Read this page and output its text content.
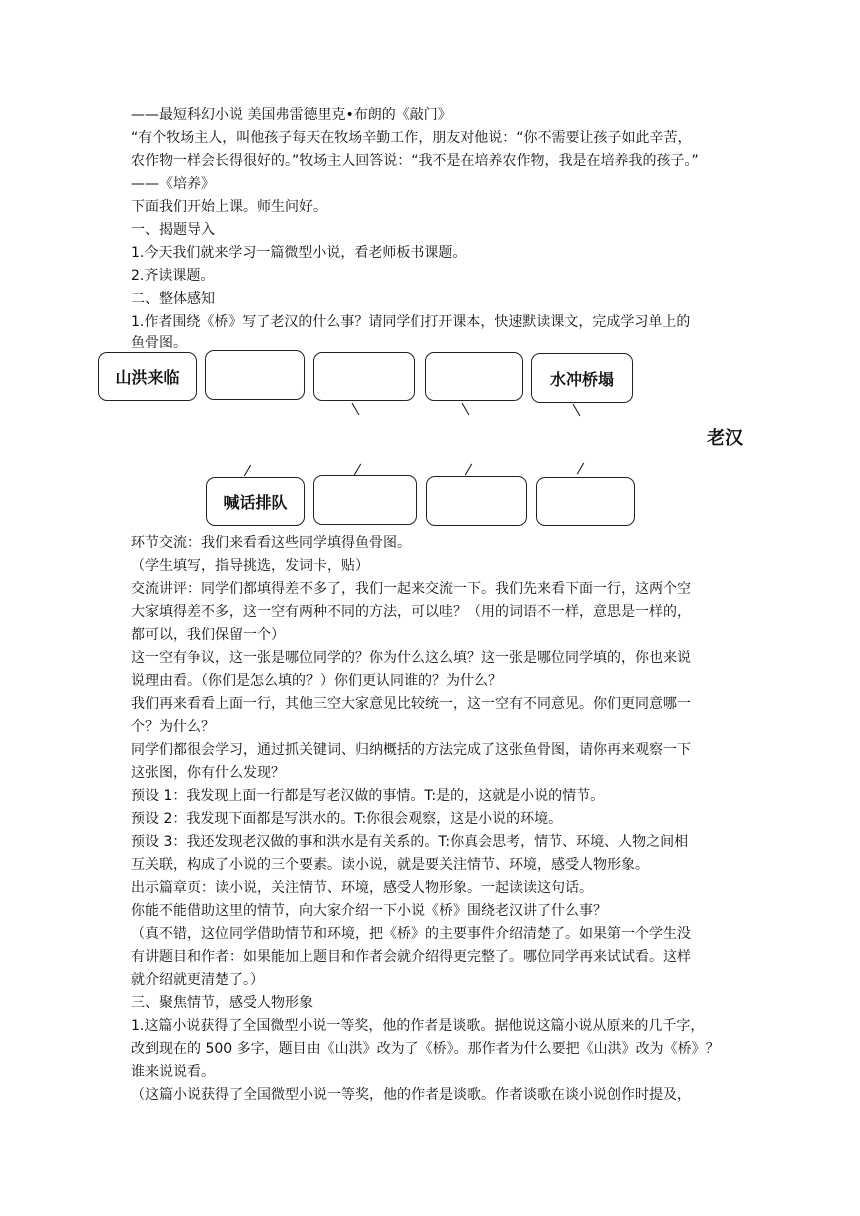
——最短科幻小说 美国弗雷德里克•布朗的《敲门》
“有个牧场主人，叫他孩子每天在牧场辛勤工作，朋友对他说：“你不需要让孩子如此辛苦，
农作物一样会长得很好的。”牧场主人回答说：“我不是在培养农作物，我是在培养我的孩子。”
——《培养》
下面我们开始上课。师生问好。
一、揭题导入
1.今天我们就来学习一篇微型小说，看老师板书课题。
2.齐读课题。
二、整体感知
1.作者围绕《桥》写了老汉的什么事？请同学们打开课本，快速默读课文，完成学习单上的
鱼骨图。
山洪来临	水冲桥塌
老汉
喊话排队
环节交流：我们来看看这些同学填得鱼骨图。
（学生填写，指导挑选，发词卡，贴）
交流讲评：同学们都填得差不多了，我们一起来交流一下。我们先来看下面一行，这两个空
大家填得差不多，这一空有两种不同的方法，可以哇？（用的词语不一样，意思是一样的，
都可以，我们保留一个）
这一空有争议，这一张是哪位同学的？你为什么这么填？这一张是哪位同学填的，你也来说
说理由看。（你们是怎么填的？）你们更认同谁的？为什么？
我们再来看看上面一行，其他三空大家意见比较统一，这一空有不同意见。你们更同意哪一
个？为什么？
同学们都很会学习，通过抓关键词、归纳概括的方法完成了这张鱼骨图，请你再来观察一下
这张图，你有什么发现？
预设 1：我发现上面一行都是写老汉做的事情。T:是的，这就是小说的情节。
预设 2：我发现下面都是写洪水的。T:你很会观察，这是小说的环境。
预设 3：我还发现老汉做的事和洪水是有关系的。T:你真会思考，情节、环境、人物之间相
互关联，构成了小说的三个要素。读小说，就是要关注情节、环境，感受人物形象。
出示篇章页：读小说，关注情节、环境，感受人物形象。一起读读这句话。
你能不能借助这里的情节，向大家介绍一下小说《桥》围绕老汉讲了什么事？
（真不错，这位同学借助情节和环境，把《桥》的主要事件介绍清楚了。如果第一个学生没
有讲题目和作者：如果能加上题目和作者会就介绍得更完整了。哪位同学再来试试看。这样
就介绍就更清楚了。）
三、聚焦情节，感受人物形象
1.这篇小说获得了全国微型小说一等奖，他的作者是谈歌。据他说这篇小说从原来的几千字，
改到现在的 500 多字，题目由《山洪》改为了《桥》。那作者为什么要把《山洪》改为《桥》？
谁来说说看。
（这篇小说获得了全国微型小说一等奖，他的作者是谈歌。作者谈歌在谈小说创作时提及，
